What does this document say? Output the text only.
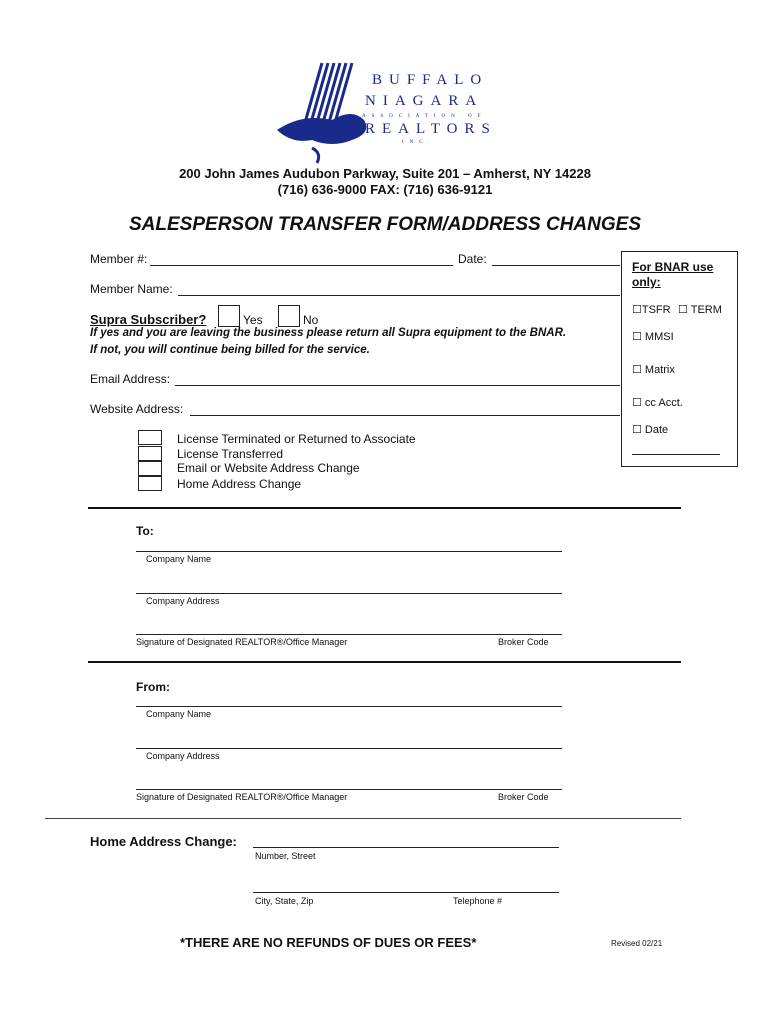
BUFFALO
NIAGARA
ASSOCIATION OF
REALTORS
INC.
200 John James Audubon Parkway, Suite 201 – Amherst, NY 14228
(716) 636-9000 FAX: (716) 636-9121
SALESPERSON TRANSFER FORM/ADDRESS CHANGES
Member #:	Date:
Member Name:
Supra Subscriber?	Yes	No
If yes and you are leaving the business please return all Supra equipment to the BNAR.
If not, you will continue being billed for the service.
Email Address:
Website Address:
License Terminated or Returned to Associate
License Transferred
Email or Website Address Change
Home Address Change
For BNAR use
only:
☐TSFR ☐ TERM
☐ MMSI
☐ Matrix
☐ cc Acct.
☐ Date
To:
Company Name
Company Address
Signature of Designated REALTOR®/Office Manager	Broker Code
From:
Company Name
Company Address
Signature of Designated REALTOR®/Office Manager	Broker Code
Home Address Change:
Number, Street
City, State, Zip	Telephone #
*THERE ARE NO REFUNDS OF DUES OR FEES*	Revised 02/21
